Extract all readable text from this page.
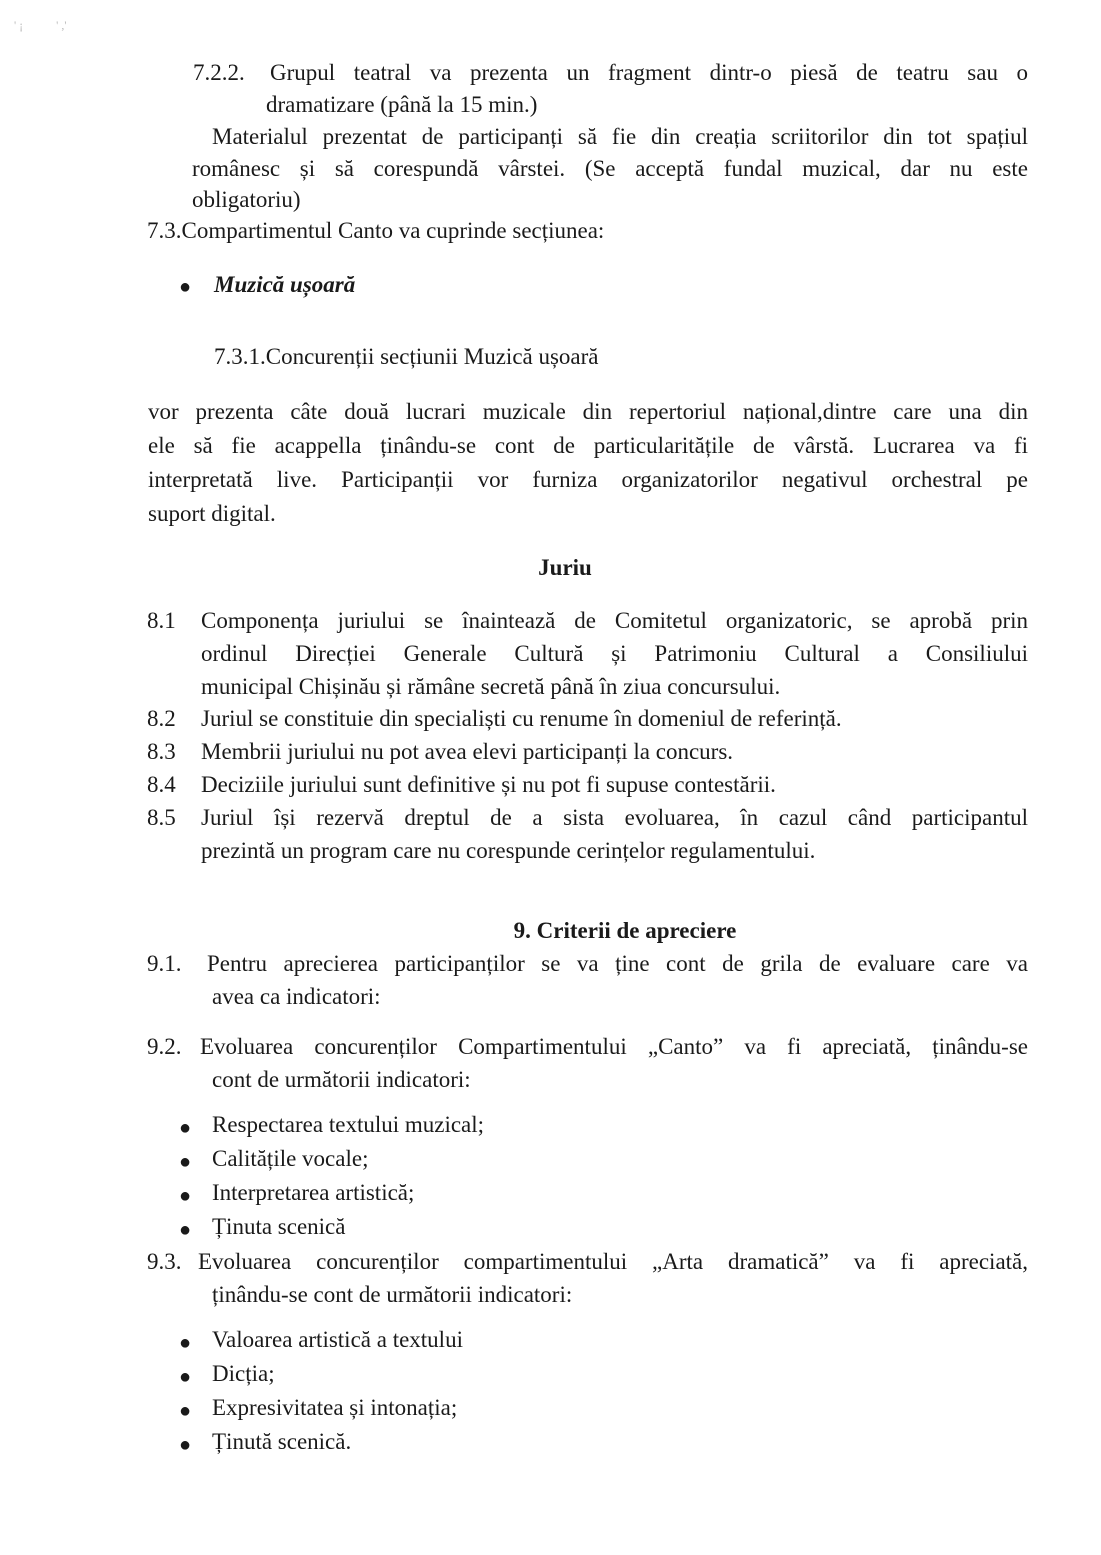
' ¡           ' ,'
7.2.2. Grupul teatral va prezenta un fragment dintr-o piesă de teatru sau o
dramatizare (până la 15 min.)
Materialul prezentat de participanți să fie din creația scriitorilor din tot spațiul
românesc și să corespundă vârstei. (Se acceptă fundal muzical, dar nu este
obligatoriu)
7.3.Compartimentul Canto va cuprinde secțiunea:
● Muzică ușoară
7.3.1.Concurenții secțiunii Muzică ușoară
vor prezenta câte două lucrari muzicale din repertoriul național,dintre care una din
ele să fie acappella ținându-se cont de particularitățile de vârstă. Lucrarea va fi
interpretată live. Participanții vor furniza organizatorilor negativul orchestral pe
suport digital.
Juriu
8.1 Componența juriului se înaintează de Comitetul organizatoric, se aprobă prin
ordinul Direcției Generale Cultură și Patrimoniu Cultural a Consiliului
municipal Chișinău și rămâne secretă până în ziua concursului.
8.2 Juriul se constituie din specialiști cu renume în domeniul de referință.
8.3 Membrii juriului nu pot avea elevi participanți la concurs.
8.4 Deciziile juriului sunt definitive și nu pot fi supuse contestării.
8.5 Juriul își rezervă dreptul de a sista evoluarea, în cazul când participantul
prezintă un program care nu corespunde cerințelor regulamentului.
9. Criterii de apreciere
9.1. Pentru aprecierea participanților se va ține cont de grila de evaluare care va
avea ca indicatori:
9.2. Evoluarea concurenților Compartimentului „Canto” va fi apreciată, ținându-se
cont de următorii indicatori:
● Respectarea textului muzical;
● Calitățile vocale;
● Interpretarea artistică;
● Ținuta scenică
9.3. Evoluarea concurenților compartimentului „Arta dramatică” va fi apreciată,
ținându-se cont de următorii indicatori:
● Valoarea artistică a textului
● Dicția;
● Expresivitatea și intonația;
● Ținută scenică.
